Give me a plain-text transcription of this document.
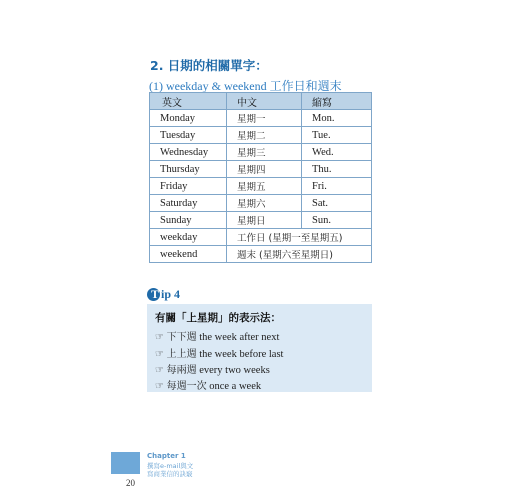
2. 日期的相關單字：
(1) weekday & weekend 工作日和週末
英文	中文	縮寫
Monday	星期一	Mon.
Tuesday	星期二	Tue.
Wednesday	星期三	Wed.
Thursday	星期四	Thu.
Friday	星期五	Fri.
Saturday	星期六	Sat.
Sunday	星期日	Sun.
weekday	工作日 (星期一至星期五)	
weekend	週末 (星期六至星期日)	
T ip 4
有關「上星期」的表示法：
☞ 下下週 the week after next
☞ 上上週 the week before last
☞ 每兩週 every two weeks
☞ 每週一次 once a week
Chapter 1
撰寫e-mail與文
寫商業信的訣竅
20
